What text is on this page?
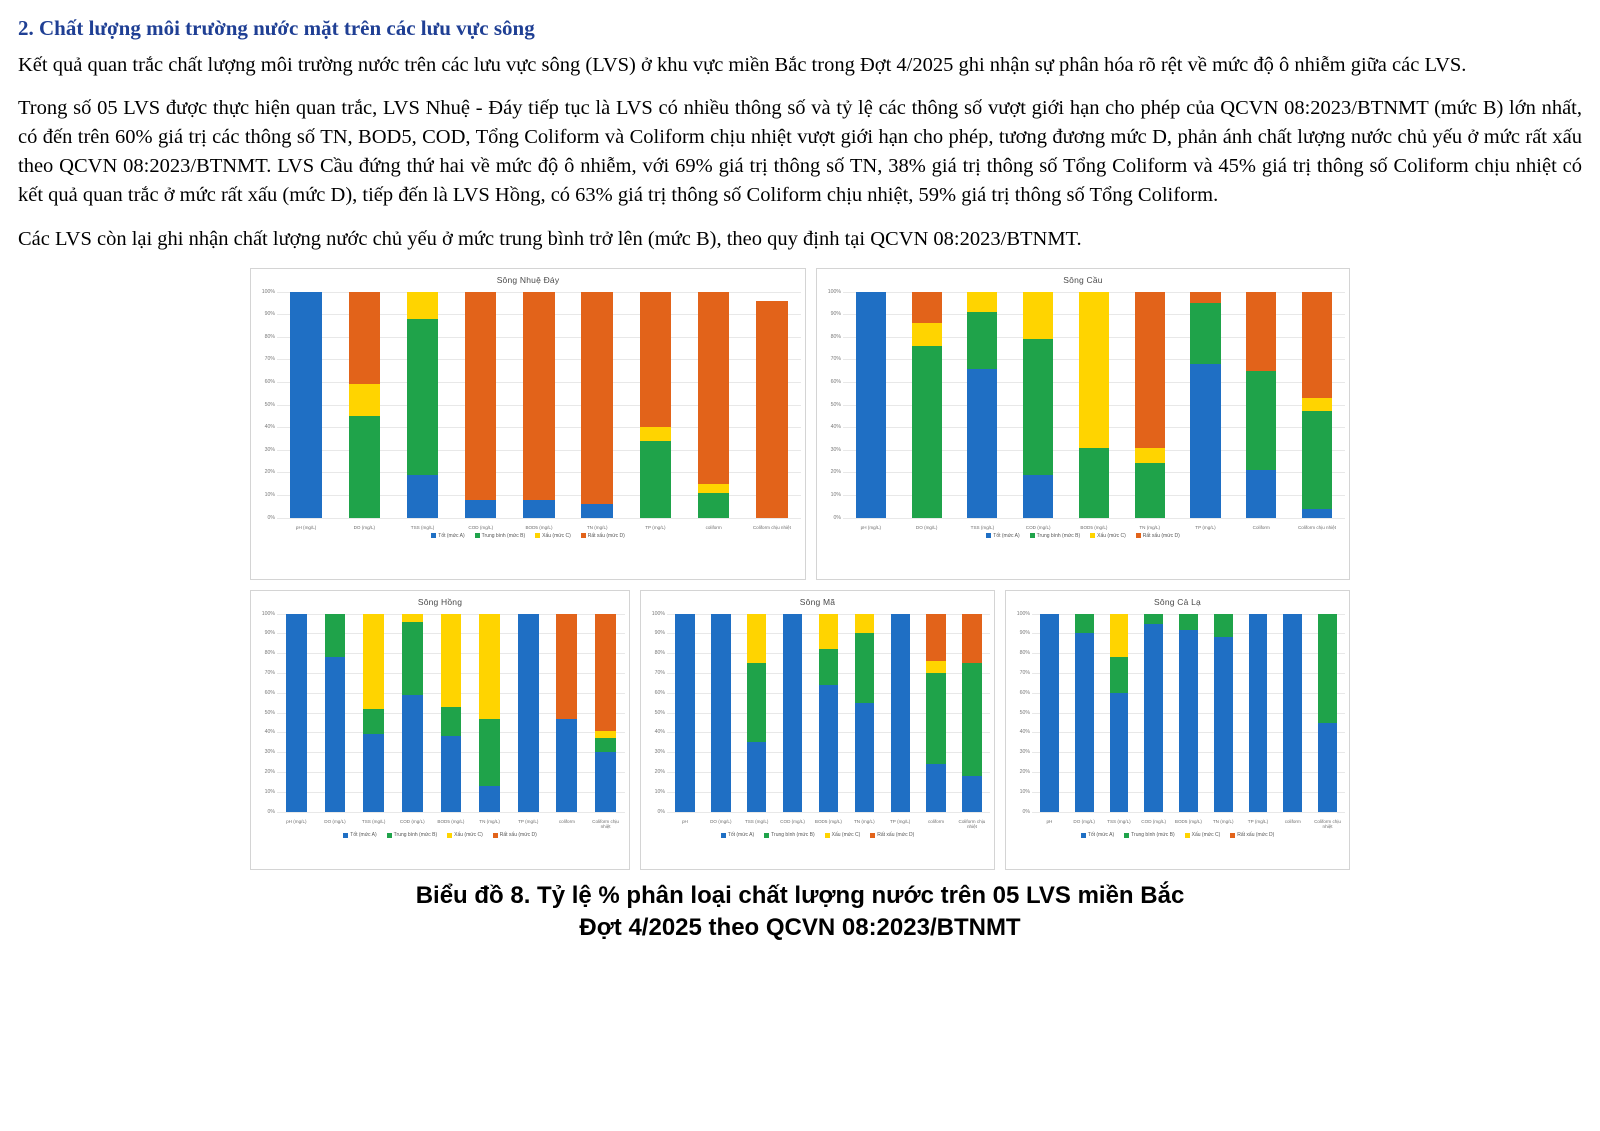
2. Chất lượng môi trường nước mặt trên các lưu vực sông

Kết quả quan trắc chất lượng môi trường nước trên các lưu vực sông (LVS) ở khu vực miền Bắc trong Đợt 4/2025 ghi nhận sự phân hóa rõ rệt về mức độ ô nhiễm giữa các LVS.

Trong số 05 LVS được thực hiện quan trắc, LVS Nhuệ - Đáy tiếp tục là LVS có nhiều thông số và tỷ lệ các thông số vượt giới hạn cho phép của QCVN 08:2023/BTNMT (mức B) lớn nhất, có đến trên 60% giá trị các thông số TN, BOD5, COD, Tổng Coliform và Coliform chịu nhiệt vượt giới hạn cho phép, tương đương mức D, phản ánh chất lượng nước chủ yếu ở mức rất xấu theo QCVN 08:2023/BTNMT. LVS Cầu đứng thứ hai về mức độ ô nhiễm, với 69% giá trị thông số TN, 38% giá trị thông số Tổng Coliform và 45% giá trị thông số Coliform chịu nhiệt có kết quả quan trắc ở mức rất xấu (mức D), tiếp đến là LVS Hồng, có 63% giá trị thông số Coliform chịu nhiệt, 59% giá trị thông số Tổng Coliform.

Các LVS còn lại ghi nhận chất lượng nước chủ yếu ở mức trung bình trở lên (mức B), theo quy định tại QCVN 08:2023/BTNMT.

Sông Nhuệ Đáy
100%
90%
80%
70%
60%
50%
40%
30%
20%
10%
0%
pH (mg/L)	DO (mg/L)	TSS (mg/L)	COD (mg/L)	BOD5 (mg/L)	TN (mg/L)	TP (mg/L)	coliform	Coliform chịu nhiệt
Tốt (mức A)	Trung bình (mức B)	Xấu (mức C)	Rất xấu (mức D)
Sông Cầu
100%
90%
80%
70%
60%
50%
40%
30%
20%
10%
0%
pH (mg/L)	DO (mg/L)	TSS (mg/L)	COD (mg/L)	BOD5 (mg/L)	TN (mg/L)	TP (mg/L)	Coliform	Coliform chịu nhiệt
Tốt (mức A)	Trung bình (mức B)	Xấu (mức C)	Rất xấu (mức D)
Sông Hồng
100%
90%
80%
70%
60%
50%
40%
30%
20%
10%
0%
pH (mg/L)	DO (mg/L)	TSS (mg/L)	COD (mg/L)	BOD5 (mg/L)	TN (mg/L)	TP (mg/L)	coliform	Coliform chịu nhiệt
Tốt (mức A)	Trung bình (mức B)	Xấu (mức C)	Rất xấu (mức D)
Sông Mã
100%
90%
80%
70%
60%
50%
40%
30%
20%
10%
0%
pH	DO (mg/L)	TSS (mg/L)	COD (mg/L)	BOD5 (mg/L)	TN (mg/L)	TP (mg/L)	coliform	Coliform chịu nhiệt
Tốt (mức A)	Trung bình (mức B)	Xấu (mức C)	Rất xấu (mức D)
Sông Cả Lạ
100%
90%
80%
70%
60%
50%
40%
30%
20%
10%
0%
pH	DO (mg/L)	TSS (mg/L)	COD (mg/L)	BOD5 (mg/L)	TN (mg/L)	TP (mg/L)	coliform	Coliform chịu nhiệt
Tốt (mức A)	Trung bình (mức B)	Xấu (mức C)	Rất xấu (mức D)
Biểu đồ 8. Tỷ lệ % phân loại chất lượng nước trên 05 LVS miền Bắc
Đợt 4/2025 theo QCVN 08:2023/BTNMT
